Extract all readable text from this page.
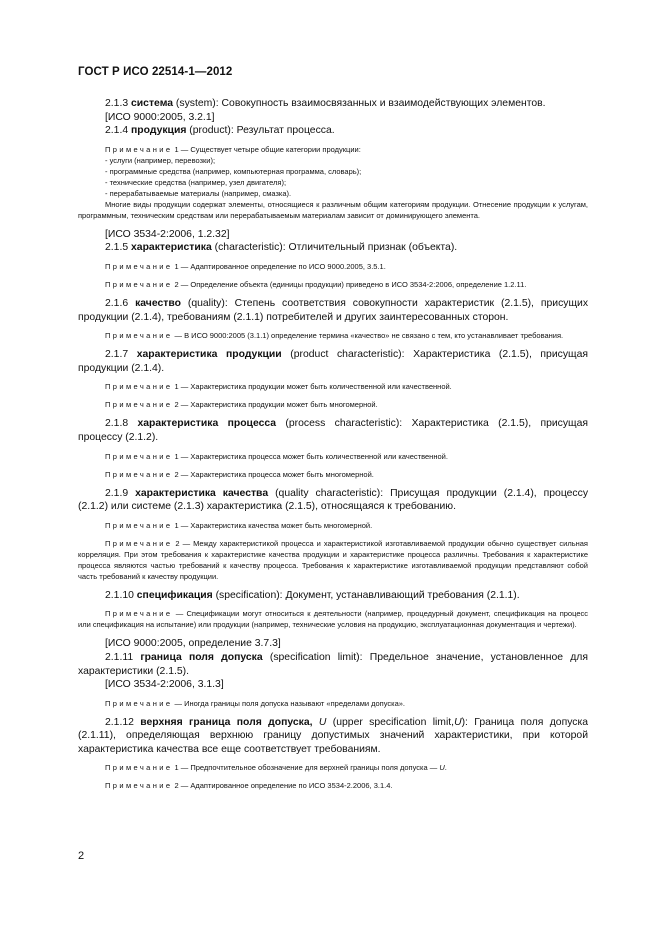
ГОСТ Р ИСО 22514-1—2012

2.1.3 система (system): Совокупность взаимосвязанных и взаимодействующих элементов.

[ИСО 9000:2005, 3.2.1]

2.1.4 продукция (product): Результат процесса.

Примечание 1 — Существует четыре общие категории продукции:

- услуги (например, перевозки);

- программные средства (например, компьютерная программа, словарь);

- технические средства (например, узел двигателя);

- перерабатываемые материалы (например, смазка).

Многие виды продукции содержат элементы, относящиеся к различным общим категориям продукции. Отнесение продукции к услугам, программным, техническим средствам или перерабатываемым материалам зависит от доминирующего элемента.

[ИСО 3534-2:2006, 1.2.32]

2.1.5 характеристика (characteristic): Отличительный признак (объекта).

Примечание 1 — Адаптированное определение по ИСО 9000.2005, 3.5.1.

Примечание 2 — Определение объекта (единицы продукции) приведено в ИСО 3534-2:2006, определение 1.2.11.

2.1.6 качество (quality): Степень соответствия совокупности характеристик (2.1.5), присущих продукции (2.1.4), требованиям (2.1.1) потребителей и других заинтересованных сторон.

Примечание — В ИСО 9000:2005 (3.1.1) определение термина «качество» не связано с тем, кто устанавливает требования.

2.1.7 характеристика продукции (product characteristic): Характеристика (2.1.5), присущая продукции (2.1.4).

Примечание 1 — Характеристика продукции может быть количественной или качественной.

Примечание 2 — Характеристика продукции может быть многомерной.

2.1.8 характеристика процесса (process characteristic): Характеристика (2.1.5), присущая процессу (2.1.2).

Примечание 1 — Характеристика процесса может быть количественной или качественной.

Примечание 2 — Характеристика процесса может быть многомерной.

2.1.9 характеристика качества (quality characteristic): Присущая продукции (2.1.4), процессу (2.1.2) или системе (2.1.3) характеристика (2.1.5), относящаяся к требованию.

Примечание 1 — Характеристика качества может быть многомерной.

Примечание 2 — Между характеристикой процесса и характеристикой изготавливаемой продукции обычно существует сильная корреляция. При этом требования к характеристике качества продукции и характеристике процесса различны. Требования к характеристике процесса являются частью требований к качеству процесса. Требования к характеристике изготавливаемой продукции представляют собой часть требований к качеству продукции.

2.1.10 спецификация (specification): Документ, устанавливающий требования (2.1.1).

Примечание — Спецификации могут относиться к деятельности (например, процедурный документ, спецификация на процесс или спецификация на испытание) или продукции (например, технические условия на продукцию, эксплуатационная документация и чертежи).

[ИСО 9000:2005, определение 3.7.3]

2.1.11 граница поля допуска (specification limit): Предельное значение, установленное для характеристики (2.1.5).

[ИСО 3534-2:2006, 3.1.3]

Примечание — Иногда границы поля допуска называют «пределами допуска».

2.1.12 верхняя граница поля допуска, U (upper specification limit,U): Граница поля допуска (2.1.11), определяющая верхнюю границу допустимых значений характеристики, при которой характеристика качества все еще соответствует требованиям.

Примечание 1 — Предпочтительное обозначение для верхней границы поля допуска — U.

Примечание 2 — Адаптированное определение по ИСО 3534-2.2006, 3.1.4.

2
